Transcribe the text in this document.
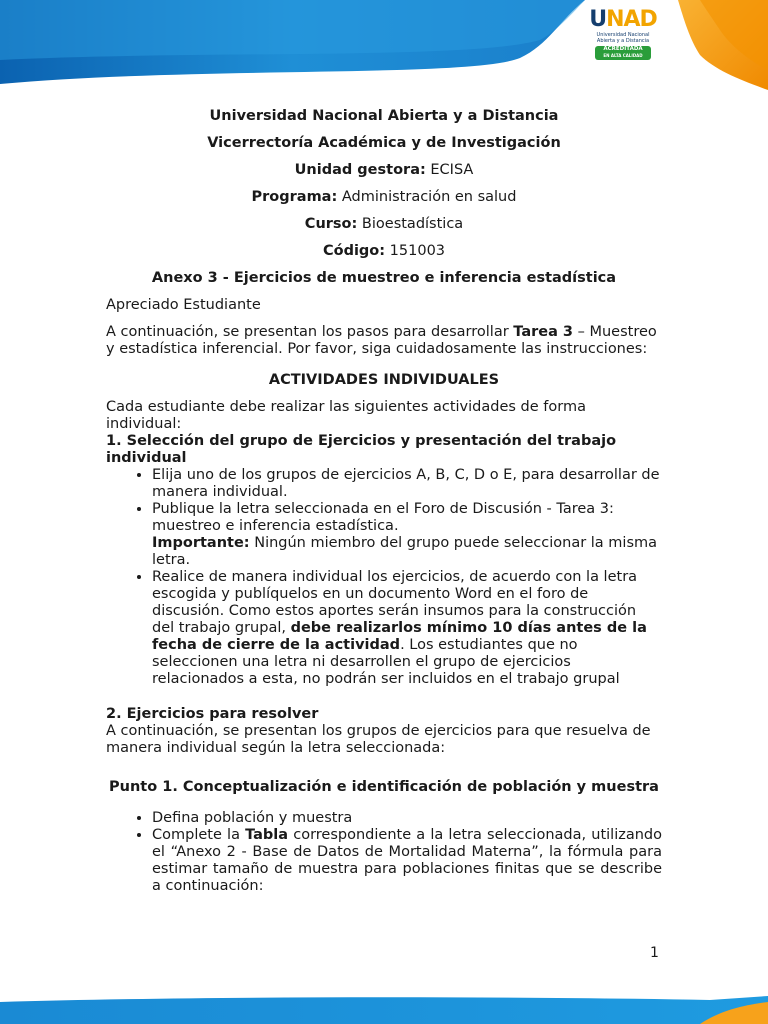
UNAD
Universidad Nacional
Abierta y a Distancia
ACREDITADA
EN ALTA CALIDAD
Universidad Nacional Abierta y a Distancia
Vicerrectoría Académica y de Investigación
Unidad gestora: ECISA
Programa: Administración en salud
Curso: Bioestadística
Código: 151003
Anexo 3 - Ejercicios de muestreo e inferencia estadística
Apreciado Estudiante
A continuación, se presentan los pasos para desarrollar Tarea 3 – Muestreo y estadística inferencial. Por favor, siga cuidadosamente las instrucciones:
ACTIVIDADES INDIVIDUALES
Cada estudiante debe realizar las siguientes actividades de forma individual:
1. Selección del grupo de Ejercicios y presentación del trabajo individual
• Elija uno de los grupos de ejercicios A, B, C, D o E, para desarrollar de manera individual.
• Publique la letra seleccionada en el Foro de Discusión - Tarea 3: muestreo e inferencia estadística.
Importante: Ningún miembro del grupo puede seleccionar la misma letra.
• Realice de manera individual los ejercicios, de acuerdo con la letra escogida y publíquelos en un documento Word en el foro de discusión. Como estos aportes serán insumos para la construcción del trabajo grupal, debe realizarlos mínimo 10 días antes de la fecha de cierre de la actividad. Los estudiantes que no seleccionen una letra ni desarrollen el grupo de ejercicios relacionados a esta, no podrán ser incluidos en el trabajo grupal
2. Ejercicios para resolver
A continuación, se presentan los grupos de ejercicios para que resuelva de manera individual según la letra seleccionada:
Punto 1. Conceptualización e identificación de población y muestra
• Defina población y muestra
• Complete la Tabla correspondiente a la letra seleccionada, utilizando el “Anexo 2 - Base de Datos de Mortalidad Materna”, la fórmula para estimar tamaño de muestra para poblaciones finitas que se describe a continuación:
1
